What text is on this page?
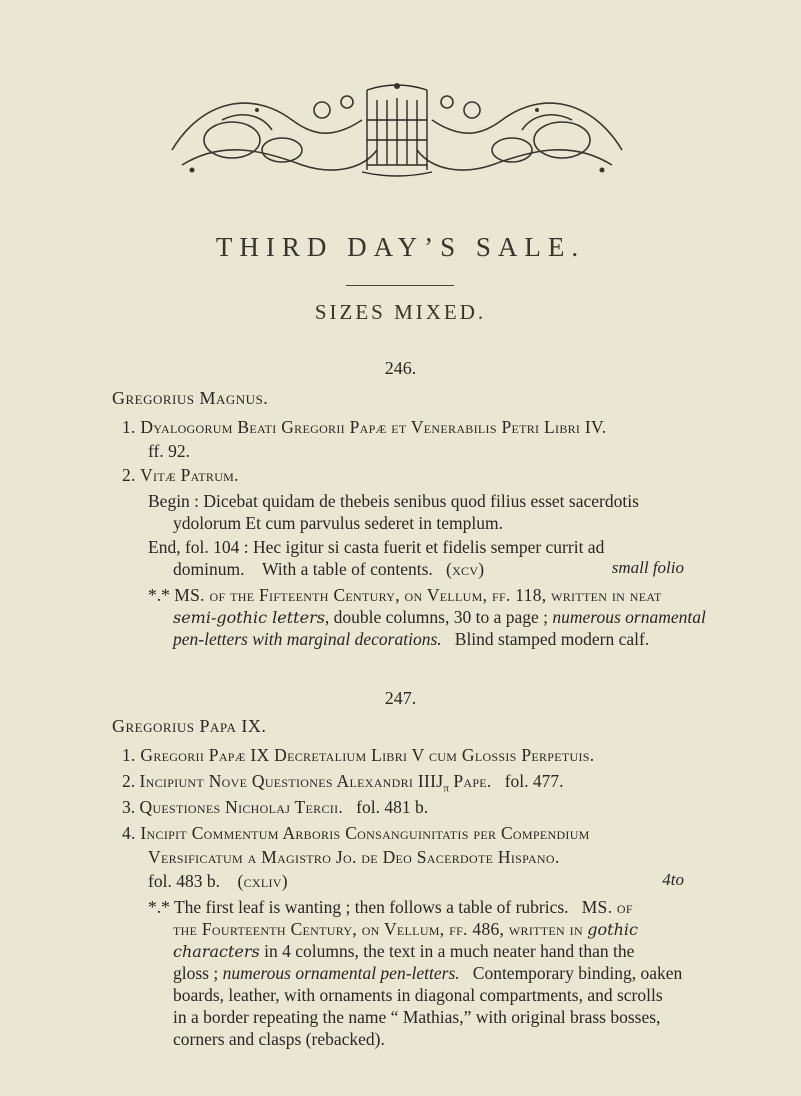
THIRD DAY’S SALE.
SIZES MIXED.
246.
Gregorius Magnus.
1. Dyalogorum Beati Gregorii Papæ et Venerabilis Petri Libri IV.
ff. 92.
2. Vitæ Patrum.
Begin : Dicebat quidam de thebeis senibus quod filius esset sacerdotis
ydolorum Et cum parvulus sederet in templum.
End, fol. 104 : Hec igitur si casta fuerit et fidelis semper currit ad
dominum. With a table of contents. (xcv)	small folio
*.* MS. of the Fifteenth Century, on Vellum, ff. 118, written in neat
semi-gothic letters, double columns, 30 to a page ; numerous ornamental
pen-letters with marginal decorations. Blind stamped modern calf.
247.
Gregorius Papa IX.
1. Gregorii Papæ IX Decretalium Libri V cum Glossis Perpetuis.
2. Incipiunt Nove Questiones Alexandri $IIIJ_\pi$ Pape. fol. 477.
3. Questiones Nicholaj Tercii. fol. 481 b.
4. Incipit Commentum Arboris Consanguinitatis per Compendium
Versificatum a Magistro Jo. de Deo Sacerdote Hispano.
fol. 483 b. (cxliv)	4to
*.* The first leaf is wanting ; then follows a table of rubrics. MS. of
the Fourteenth Century, on Vellum, ff. 486, written in gothic
characters in 4 columns, the text in a much neater hand than the
gloss ; numerous ornamental pen-letters. Contemporary binding, oaken
boards, leather, with ornaments in diagonal compartments, and scrolls
in a border repeating the name “ Mathias,” with original brass bosses,
corners and clasps (rebacked).
